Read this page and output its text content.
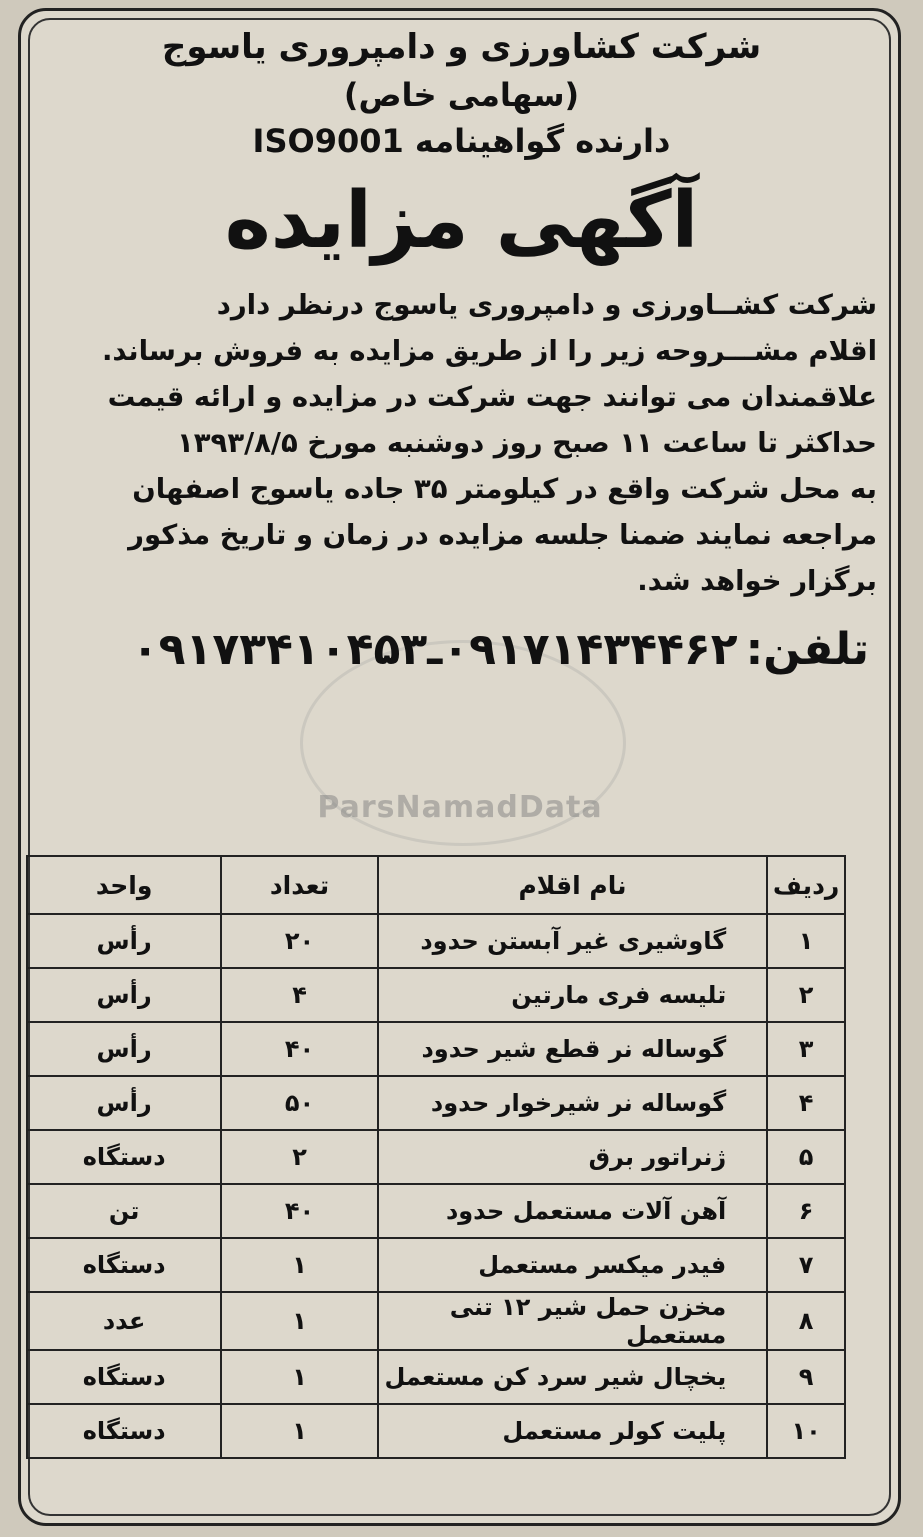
شرکت کشاورزی و دامپروری یاسوج

(سهامی خاص)

دارنده گواهینامه ISO9001

آگهی مزایده

شرکت کشــاورزی و دامپروری یاسوج درنظر دارد
اقلام مشـــروحه زیر را از طریق مزایده به فروش برساند.
علاقمندان می توانند جهت شرکت در مزایده و ارائه قیمت
حداکثر تا ساعت ۱۱ صبح روز دوشنبه مورخ ۱۳۹۳/۸/۵
به محل شرکت واقع در کیلومتر ۳۵ جاده یاسوج اصفهان
مراجعه نمایند ضمنا جلسه مزایده در زمان و تاریخ مذکور
برگزار خواهد شد.
تلفن:۰۹۱۷۱۴۳۴۴۶۲ـ۰۹۱۷۳۴۱۰۴۵۳
ParsNamadData
ردیف	نام اقلام	تعداد	واحد
۱	گاوشیری غیر آبستن حدود	۲۰	رأس
۲	تلیسه فری مارتین	۴	رأس
۳	گوساله نر قطع شیر حدود	۴۰	رأس
۴	گوساله نر شیرخوار حدود	۵۰	رأس
۵	ژنراتور برق	۲	دستگاه
۶	آهن آلات مستعمل حدود	۴۰	تن
۷	فیدر میکسر مستعمل	۱	دستگاه
۸	مخزن حمل شیر ۱۲ تنی مستعمل	۱	عدد
۹	یخچال شیر سرد کن مستعمل	۱	دستگاه
۱۰	پلیت کولر مستعمل	۱	دستگاه
